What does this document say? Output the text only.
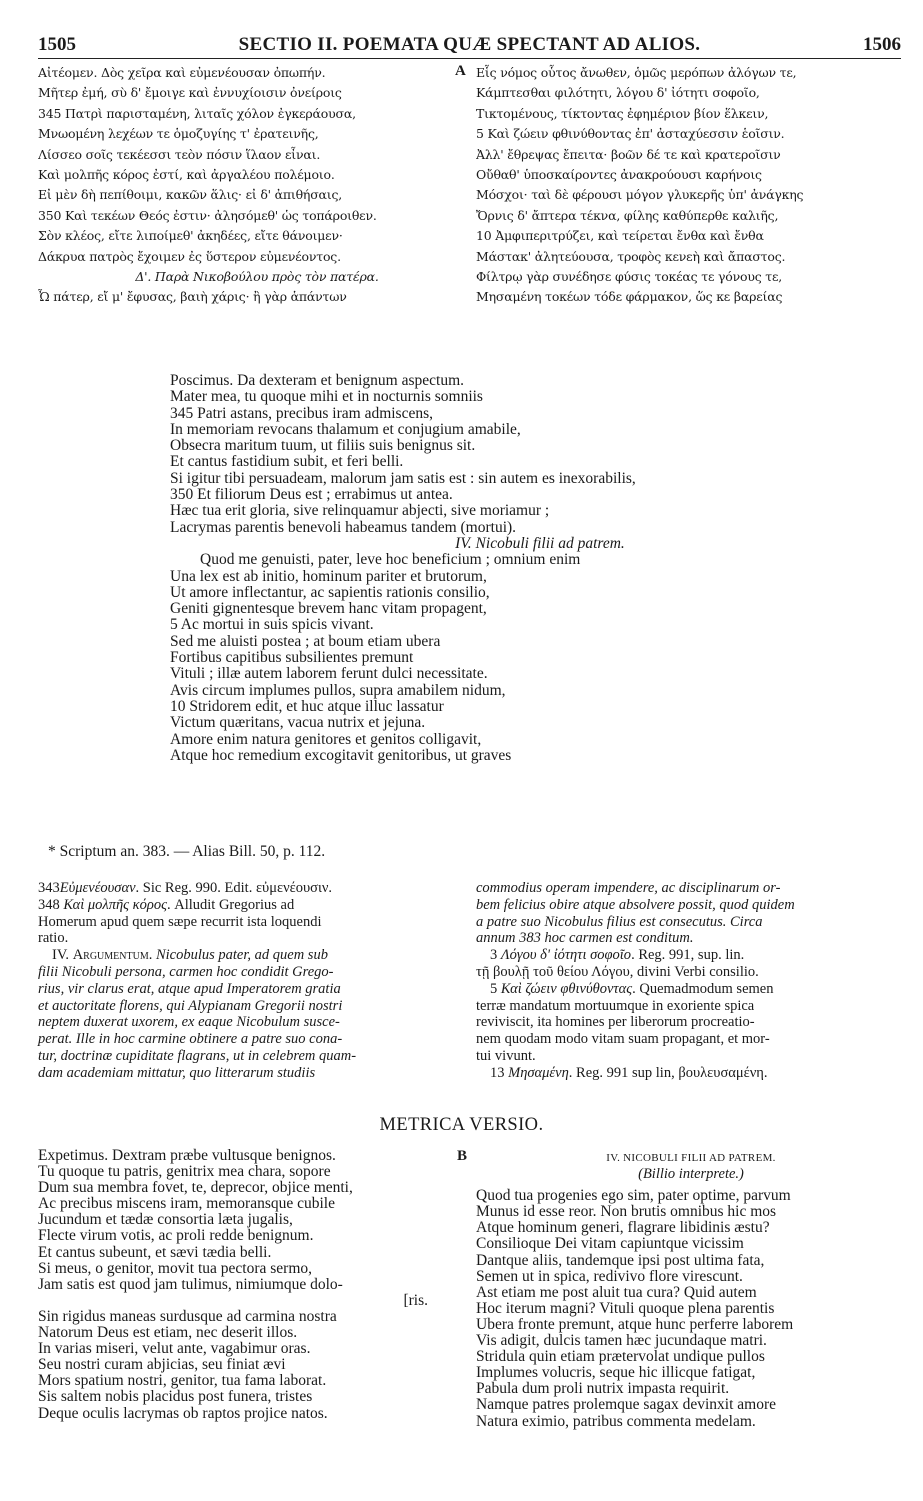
1505	SECTIO II. POEMATA QUÆ SPECTANT AD ALIOS.	1506
Αἰτέομεν. Δὸς χεῖρα καὶ εὐμενέουσαν ὀπωπήν.
Μῆτερ ἐμή, σὺ δ' ἔμοιγε καὶ ἐννυχίοισιν ὀνείροις
345 Πατρὶ παρισταμένη, λιταῖς χόλον ἐγκεράουσα,
Μνωομένη λεχέων τε ὁμοζυγίης τ' ἐρατεινῆς,
Λίσσεο σοῖς τεκέεσσι τεὸν πόσιν ἵλαον εἶναι.
Καὶ μολπῆς κόρος ἐστί, καὶ ἀργαλέου πολέμοιο.
Εἰ μὲν δὴ πεπίθοιμι, κακῶν ἅλις· εἰ δ' ἀπιθήσαις,
350 Καὶ τεκέων Θεός ἐστιν· ἀλησόμεθ' ὡς τοπάροιθεν.
Σὸν κλέος, εἴτε λιποίμεθ' ἀκηδέες, εἴτε θάνοιμεν·
Δάκρυα πατρὸς ἔχοιμεν ἐς ὕστερον εὐμενέοντος.
Δ'. Παρὰ Νικοβούλου πρὸς τὸν πατέρα.
Ὦ πάτερ, εἴ μ' ἔφυσας, βαιὴ χάρις· ἢ γὰρ ἁπάντων
A Εἷς νόμος οὗτος ἄνωθεν, ὁμῶς μερόπων ἀλόγων τε,
Κάμπτεσθαι φιλότητι, λόγου δ' ἰότητι σοφοῖο,
Τικτομένους, τίκτοντας ἐφημέριον βίον ἕλκειν,
5 Καὶ ζώειν φθινύθοντας ἐπ' ἀσταχύεσσιν ἑοῖσιν.
Ἀλλ' ἔθρεψας ἔπειτα· βοῶν δέ τε καὶ κρατεροῖσιν
Οὔθαθ' ὑποσκαίροντες ἀνακρούουσι καρήνοις
Μόσχοι· ταὶ δὲ φέρουσι μόγον γλυκερῆς ὑπ' ἀνάγκης
Ὄρνις δ' ἄπτερα τέκνα, φίλης καθύπερθε καλιῆς,
10 Ἀμφιπεριτρύζει, καὶ τείρεται ἔνθα καὶ ἔνθα
Μάστακ' ἀλητεύουσα, τροφὸς κενεὴ καὶ ἄπαστος.
Φίλτρῳ γὰρ συνέδησε φύσις τοκέας τε γόνους τε,
Μησαμένη τοκέων τόδε φάρμακον, ὥς κε βαρείας
Poscimus. Da dexteram et benignum aspectum.
Mater mea, tu quoque mihi et in nocturnis somniis
345 Patri astans, precibus iram admiscens,
In memoriam revocans thalamum et conjugium amabile,
Obsecra maritum tuum, ut filiis suis benignus sit.
Et cantus fastidium subit, et feri belli.
Si igitur tibi persuadeam, malorum jam satis est : sin autem es inexorabilis,
350 Et filiorum Deus est ; errabimus ut antea.
Hæc tua erit gloria, sive relinquamur abjecti, sive moriamur ;
Lacrymas parentis benevoli habeamus tandem (mortui).
IV. Nicobuli filii ad patrem.
Quod me genuisti, pater, leve hoc beneficium ; omnium enim
Una lex est ab initio, hominum pariter et brutorum,
Ut amore inflectantur, ac sapientis rationis consilio,
Geniti gignentesque brevem hanc vitam propagent,
5 Ac mortui in suis spicis vivant.
Sed me aluisti postea ; at boum etiam ubera
Fortibus capitibus subsilientes premunt
Vituli ; illæ autem laborem ferunt dulci necessitate.
Avis circum implumes pullos, supra amabilem nidum,
10 Stridorem edit, et huc atque illuc lassatur
Victum quæritans, vacua nutrix et jejuna.
Amore enim natura genitores et genitos colligavit,
Atque hoc remedium excogitavit genitoribus, ut graves
* Scriptum an. 383. — Alias Bill. 50, p. 112.
343Εὐμενέουσαν. Sic Reg. 990. Edit. εὐμενέουσιν.
348 Καὶ μολπῆς κόρος. Alludit Gregorius ad
Homerum apud quem sæpe recurrit ista loquendi
ratio.
IV. Argumentum. Nicobulus pater, ad quem sub
filii Nicobuli persona, carmen hoc condidit Grego-
rius, vir clarus erat, atque apud Imperatorem gratia
et auctoritate florens, qui Alypianam Gregorii nostri
neptem duxerat uxorem, ex eaque Nicobulum susce-
perat. Ille in hoc carmine obtinere a patre suo cona-
tur, doctrinæ cupiditate flagrans, ut in celebrem quam-
dam academiam mittatur, quo litterarum studiis
commodius operam impendere, ac disciplinarum or-
bem felicius obire atque absolvere possit, quod quidem
a patre suo Nicobulus filius est consecutus. Circa
annum 383 hoc carmen est conditum.
3 Λόγου δ' ἰότητι σοφοῖο. Reg. 991, sup. lin.
τῇ βουλῇ τοῦ θείου Λόγου, divini Verbi consilio.
5 Καὶ ζώειν φθινύθοντας. Quemadmodum semen
terræ mandatum mortuumque in exoriente spica
reviviscit, ita homines per liberorum procreatio-
nem quodam modo vitam suam propagant, et mor-
tui vivunt.
13 Μησαμένη. Reg. 991 sup lin, βουλευσαμένη.
METRICA VERSIO.
Expetimus. Dextram præbe vultusque benignos.
Tu quoque tu patris, genitrix mea chara, sopore
Dum sua membra fovet, te, deprecor, objice menti,
Ac precibus miscens iram, memoransque cubile
Jucundum et tædæ consortia læta jugalis,
Flecte virum votis, ac proli redde benignum.
Et cantus subeunt, et sævi tædia belli.
Si meus, o genitor, movit tua pectora sermo,
Jam satis est quod jam tulimus, nimiumque dolo-
[ris.
Sin rigidus maneas surdusque ad carmina nostra
Natorum Deus est etiam, nec deserit illos.
In varias miseri, velut ante, vagabimur oras.
Seu nostri curam abjicias, seu finiat ævi
Mors spatium nostri, genitor, tua fama laborat.
Sis saltem nobis placidus post funera, tristes
Deque oculis lacrymas ob raptos projice natos.
B	IV. NICOBULI FILII AD PATREM.
(Billio interprete.)
Quod tua progenies ego sim, pater optime, parvum
Munus id esse reor. Non brutis omnibus hic mos
Atque hominum generi, flagrare libidinis æstu?
Consilioque Dei vitam capiuntque vicissim
Dantque aliis, tandemque ipsi post ultima fata,
Semen ut in spica, redivivo flore virescunt.
Ast etiam me post aluit tua cura? Quid autem
Hoc iterum magni? Vituli quoque plena parentis
Ubera fronte premunt, atque hunc perferre laborem
Vis adigit, dulcis tamen hæc jucundaque matri.
Stridula quin etiam prætervolat undique pullos
Implumes volucris, seque hic illicque fatigat,
Pabula dum proli nutrix impasta requirit.
Namque patres prolemque sagax devinxit amore
Natura eximio, patribus commenta medelam.
